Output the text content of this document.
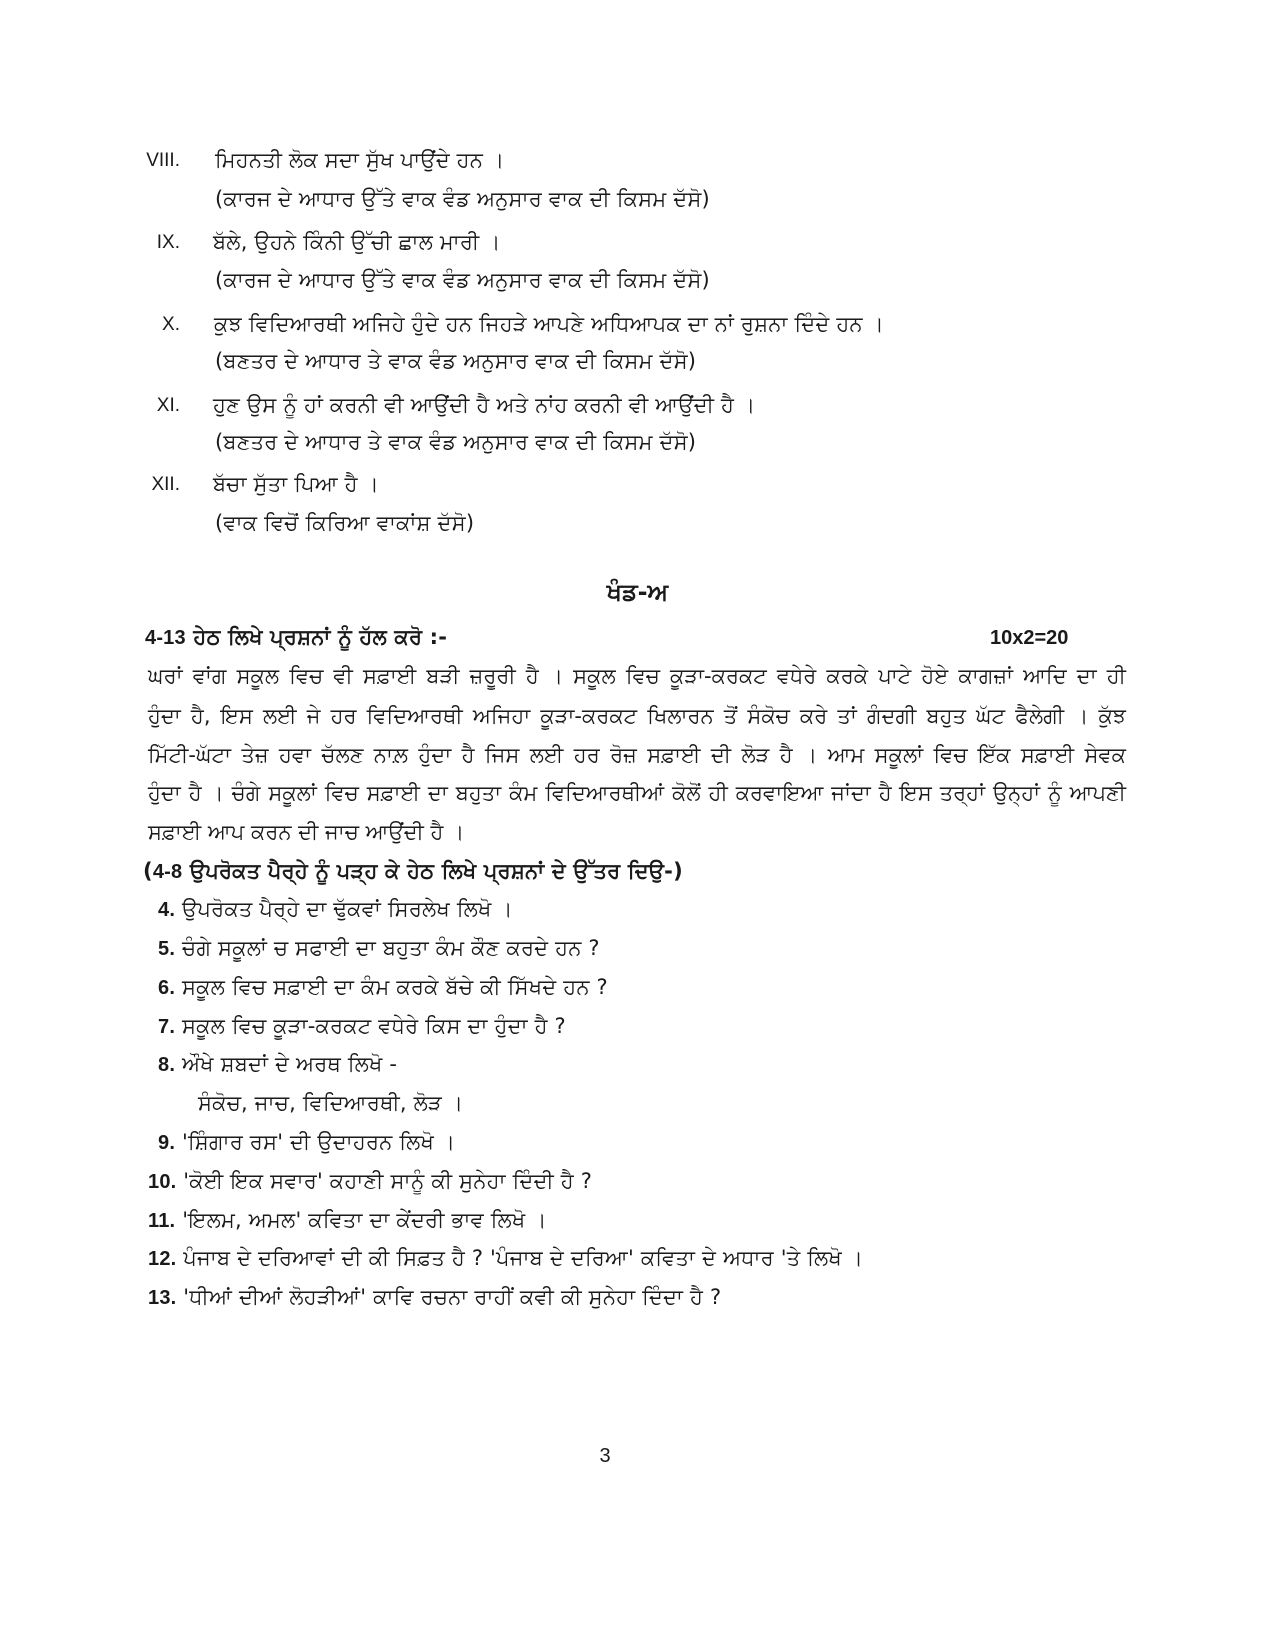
VIII. ਮਿਹਨਤੀ ਲੋਕ ਸਦਾ ਸੁੱਖ ਪਾਉਂਦੇ ਹਨ ।
(ਕਾਰਜ ਦੇ ਆਧਾਰ ਉੱਤੇ ਵਾਕ ਵੰਡ ਅਨੁਸਾਰ ਵਾਕ ਦੀ ਕਿਸਮ ਦੱਸੋ)
IX. ਬੱਲੇ, ਉਹਨੇ ਕਿੰਨੀ ਉੱਚੀ ਛਾਲ ਮਾਰੀ ।
(ਕਾਰਜ ਦੇ ਆਧਾਰ ਉੱਤੇ ਵਾਕ ਵੰਡ ਅਨੁਸਾਰ ਵਾਕ ਦੀ ਕਿਸਮ ਦੱਸੋ)
X. ਕੁਝ ਵਿਦਿਆਰਥੀ ਅਜਿਹੇ ਹੁੰਦੇ ਹਨ ਜਿਹੜੇ ਆਪਣੇ ਅਧਿਆਪਕ ਦਾ ਨਾਂ ਰੁਸ਼ਨਾ ਦਿੰਦੇ ਹਨ ।
(ਬਣਤਰ ਦੇ ਆਧਾਰ ਤੇ ਵਾਕ ਵੰਡ ਅਨੁਸਾਰ ਵਾਕ ਦੀ ਕਿਸਮ ਦੱਸੋ)
XI. ਹੁਣ ਉਸ ਨੂੰ ਹਾਂ ਕਰਨੀ ਵੀ ਆਉਂਦੀ ਹੈ ਅਤੇ ਨਾਂਹ ਕਰਨੀ ਵੀ ਆਉਂਦੀ ਹੈ ।
(ਬਣਤਰ ਦੇ ਆਧਾਰ ਤੇ ਵਾਕ ਵੰਡ ਅਨੁਸਾਰ ਵਾਕ ਦੀ ਕਿਸਮ ਦੱਸੋ)
XII. ਬੱਚਾ ਸੁੱਤਾ ਪਿਆ ਹੈ ।
(ਵਾਕ ਵਿਚੋਂ ਕਿਰਿਆ ਵਾਕਾਂਸ਼ ਦੱਸੋ)
ਖੰਡ-ਅ
4-13 ਹੇਠ ਲਿਖੇ ਪ੍ਰਸ਼ਨਾਂ ਨੂੰ ਹੱਲ ਕਰੋ :-	10x2=20
ਘਰਾਂ ਵਾਂਗ ਸਕੂਲ ਵਿਚ ਵੀ ਸਫ਼ਾਈ ਬੜੀ ਜ਼ਰੂਰੀ ਹੈ । ਸਕੂਲ ਵਿਚ ਕੂੜਾ-ਕਰਕਟ ਵਧੇਰੇ ਕਰਕੇ ਪਾਟੇ ਹੋਏ ਕਾਗਜ਼ਾਂ ਆਦਿ ਦਾ ਹੀ
ਹੁੰਦਾ ਹੈ, ਇਸ ਲਈ ਜੇ ਹਰ ਵਿਦਿਆਰਥੀ ਅਜਿਹਾ ਕੂੜਾ-ਕਰਕਟ ਖਿਲਾਰਨ ਤੋਂ ਸੰਕੋਚ ਕਰੇ ਤਾਂ ਗੰਦਗੀ ਬਹੁਤ ਘੱਟ ਫੈਲੇਗੀ । ਕੁੱਝ
ਮਿੱਟੀ-ਘੱਟਾ ਤੇਜ਼ ਹਵਾ ਚੱਲਣ ਨਾਲ਼ ਹੁੰਦਾ ਹੈ ਜਿਸ ਲਈ ਹਰ ਰੋਜ਼ ਸਫ਼ਾਈ ਦੀ ਲੋੜ ਹੈ । ਆਮ ਸਕੂਲਾਂ ਵਿਚ ਇੱਕ ਸਫ਼ਾਈ ਸੇਵਕ
ਹੁੰਦਾ ਹੈ । ਚੰਗੇ ਸਕੂਲਾਂ ਵਿਚ ਸਫ਼ਾਈ ਦਾ ਬਹੁਤਾ ਕੰਮ ਵਿਦਿਆਰਥੀਆਂ ਕੋਲੋਂ ਹੀ ਕਰਵਾਇਆ ਜਾਂਦਾ ਹੈ ਇਸ ਤਰ੍ਹਾਂ ਉਨ੍ਹਾਂ ਨੂੰ ਆਪਣੀ
ਸਫ਼ਾਈ ਆਪ ਕਰਨ ਦੀ ਜਾਚ ਆਉਂਦੀ ਹੈ ।
(4-8 ਉਪਰੋਕਤ ਪੈਰ੍ਹੇ ਨੂੰ ਪੜ੍ਹ ਕੇ ਹੇਠ ਲਿਖੇ ਪ੍ਰਸ਼ਨਾਂ ਦੇ ਉੱਤਰ ਦਿਉ-)
4. ਉਪਰੋਕਤ ਪੈਰ੍ਹੇ ਦਾ ਢੁੱਕਵਾਂ ਸਿਰਲੇਖ ਲਿਖੋ ।
5. ਚੰਗੇ ਸਕੂਲਾਂ ਚ ਸਫਾਈ ਦਾ ਬਹੁਤਾ ਕੰਮ ਕੌਣ ਕਰਦੇ ਹਨ ?
6. ਸਕੂਲ ਵਿਚ ਸਫ਼ਾਈ ਦਾ ਕੰਮ ਕਰਕੇ ਬੱਚੇ ਕੀ ਸਿੱਖਦੇ ਹਨ ?
7. ਸਕੂਲ ਵਿਚ ਕੂੜਾ-ਕਰਕਟ ਵਧੇਰੇ ਕਿਸ ਦਾ ਹੁੰਦਾ ਹੈ ?
8. ਔਖੇ ਸ਼ਬਦਾਂ ਦੇ ਅਰਥ ਲਿਖੋ -
ਸੰਕੋਚ, ਜਾਚ, ਵਿਦਿਆਰਥੀ, ਲੋੜ ।
9. 'ਸ਼ਿੰਗਾਰ ਰਸ' ਦੀ ਉਦਾਹਰਨ ਲਿਖੋ ।
10. 'ਕੋਈ ਇਕ ਸਵਾਰ' ਕਹਾਣੀ ਸਾਨੂੰ ਕੀ ਸੁਨੇਹਾ ਦਿੰਦੀ ਹੈ ?
11. 'ਇਲਮ, ਅਮਲ' ਕਵਿਤਾ ਦਾ ਕੇਂਦਰੀ ਭਾਵ ਲਿਖੋ ।
12. ਪੰਜਾਬ ਦੇ ਦਰਿਆਵਾਂ ਦੀ ਕੀ ਸਿਫ਼ਤ ਹੈ ? 'ਪੰਜਾਬ ਦੇ ਦਰਿਆ' ਕਵਿਤਾ ਦੇ ਅਧਾਰ 'ਤੇ ਲਿਖੋ ।
13. 'ਧੀਆਂ ਦੀਆਂ ਲੋਹੜੀਆਂ' ਕਾਵਿ ਰਚਨਾ ਰਾਹੀਂ ਕਵੀ ਕੀ ਸੁਨੇਹਾ ਦਿੰਦਾ ਹੈ ?
3
